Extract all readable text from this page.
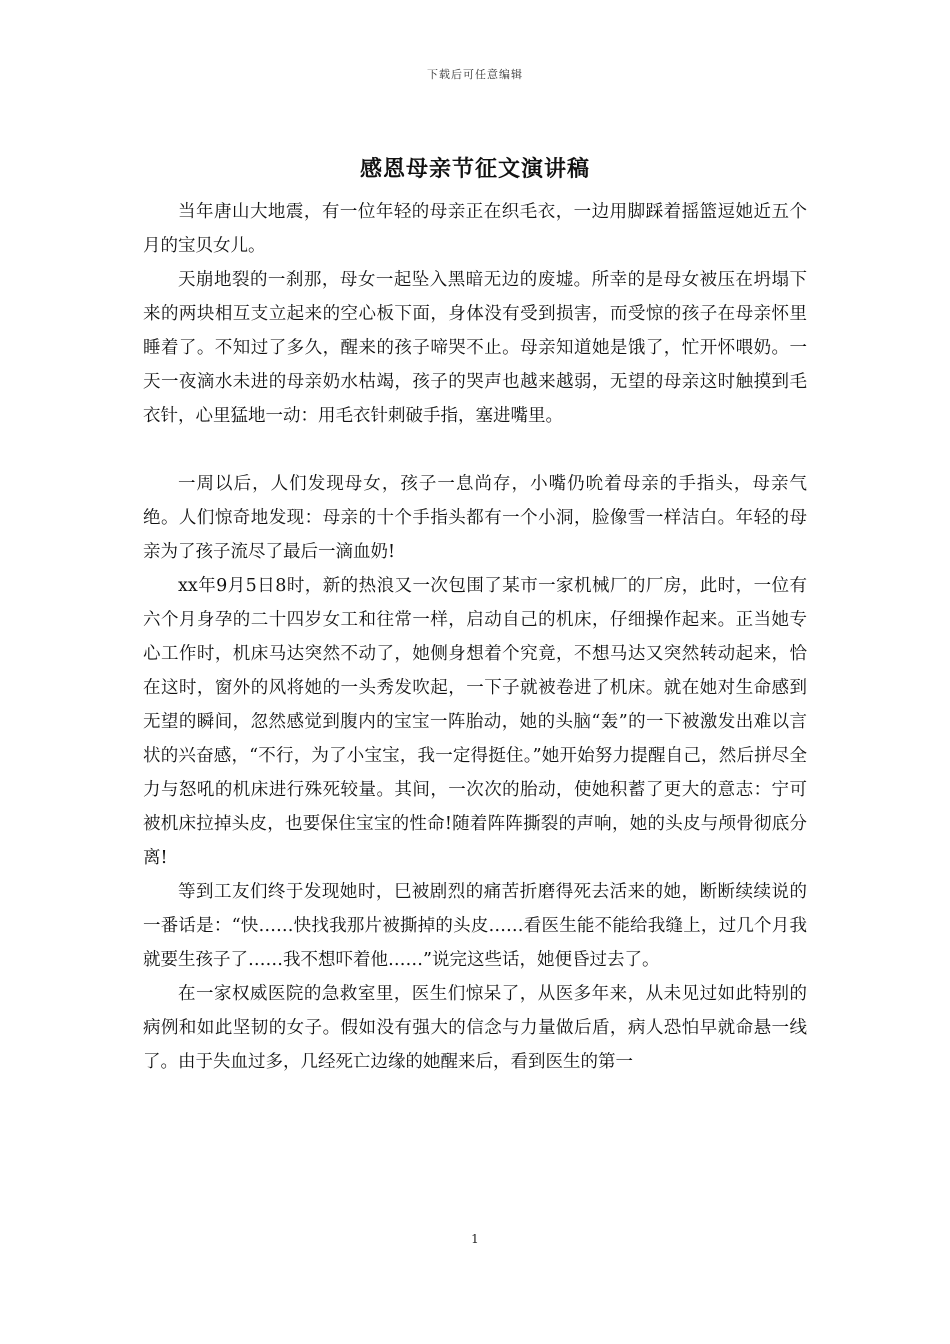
下载后可任意编辑
感恩母亲节征文演讲稿

当年唐山大地震，有一位年轻的母亲正在织毛衣，一边用脚踩着摇篮逗她近五个月的宝贝女儿。

天崩地裂的一刹那，母女一起坠入黑暗无边的废墟。所幸的是母女被压在坍塌下来的两块相互支立起来的空心板下面，身体没有受到损害，而受惊的孩子在母亲怀里睡着了。不知过了多久，醒来的孩子啼哭不止。母亲知道她是饿了，忙开怀喂奶。一天一夜滴水未进的母亲奶水枯竭，孩子的哭声也越来越弱，无望的母亲这时触摸到毛衣针，心里猛地一动：用毛衣针刺破手指，塞进嘴里。

一周以后，人们发现母女，孩子一息尚存，小嘴仍吮着母亲的手指头，母亲气绝。人们惊奇地发现：母亲的十个手指头都有一个小洞，脸像雪一样洁白。年轻的母亲为了孩子流尽了最后一滴血奶!

xx年9月5日8时，新的热浪又一次包围了某市一家机械厂的厂房，此时，一位有六个月身孕的二十四岁女工和往常一样，启动自己的机床，仔细操作起来。正当她专心工作时，机床马达突然不动了，她侧身想着个究竟，不想马达又突然转动起来，恰在这时，窗外的风将她的一头秀发吹起，一下子就被卷进了机床。就在她对生命感到无望的瞬间，忽然感觉到腹内的宝宝一阵胎动，她的头脑“轰”的一下被激发出难以言状的兴奋感，“不行，为了小宝宝，我一定得挺住。”她开始努力提醒自己，然后拼尽全力与怒吼的机床进行殊死较量。其间，一次次的胎动，使她积蓄了更大的意志：宁可被机床拉掉头皮，也要保住宝宝的性命!随着阵阵撕裂的声响，她的头皮与颅骨彻底分离!

等到工友们终于发现她时，巳被剧烈的痛苦折磨得死去活来的她，断断续续说的一番话是：“快……快找我那片被撕掉的头皮……看医生能不能给我缝上，过几个月我就要生孩子了……我不想吓着他……”说完这些话，她便昏过去了。

在一家权威医院的急救室里，医生们惊呆了，从医多年来，从未见过如此特别的病例和如此坚韧的女子。假如没有强大的信念与力量做后盾，病人恐怕早就命悬一线了。由于失血过多，几经死亡边缘的她醒来后，看到医生的第一

1
